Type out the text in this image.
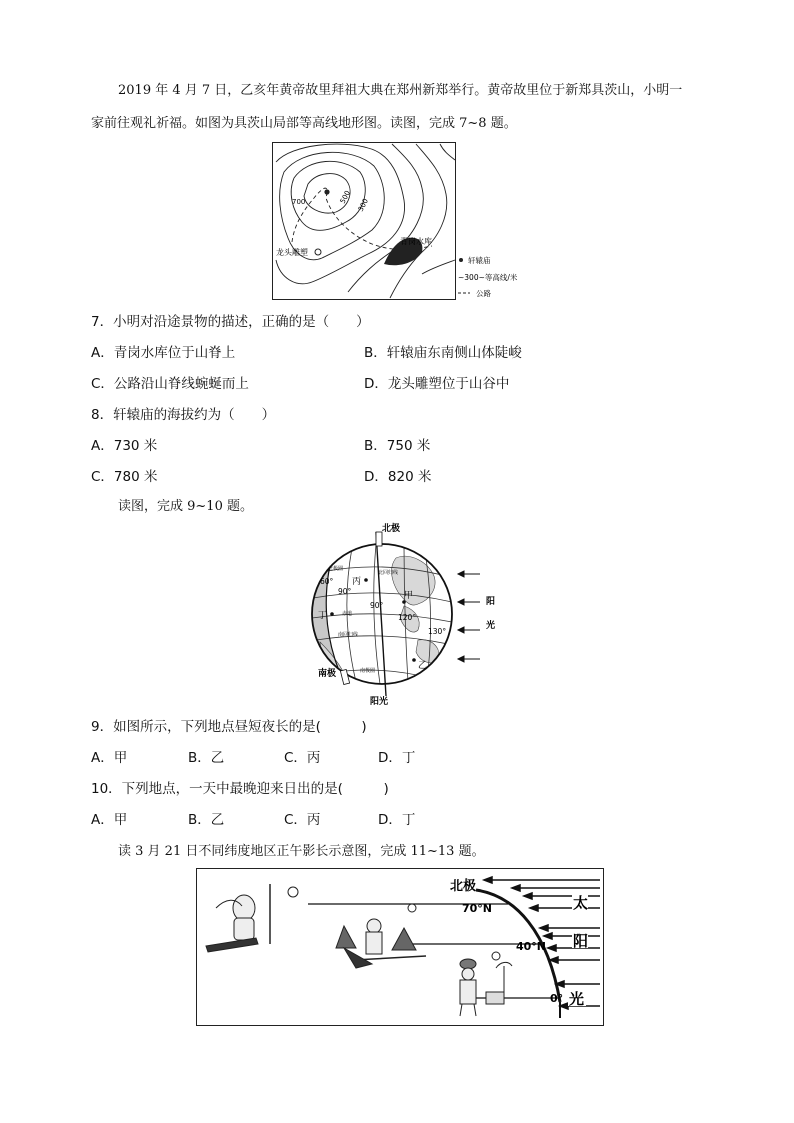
2019 年 4 月 7 日，乙亥年黄帝故里拜祖大典在郑州新郑举行。黄帝故里位于新郑具茨山，小明一
家前往观礼祈福。如图为具茨山局部等高线地形图。读图，完成 7~8 题。
700	500
300
青岗水库
龙头雕塑
轩辕庙
~300~等高线/米
公路
7．小明对沿途景物的描述，正确的是（　　）
A．青岗水库位于山脊上	B．轩辕庙东南侧山体陡峻
C．公路沿山脊线蜿蜒而上	D．龙头雕塑位于山谷中
8．轩辕庙的海拔约为（　　）
A．730 米	B．750 米
C．780 米	D．820 米
读图，完成 9~10 题。
北极
南极
阳光
丙
甲
乙
丁
北回归线
赤道
南回归线
北极圈
南极圈
60°
90°
90°
120°
130°
阳
光
9．如图所示，下列地点昼短夜长的是(　　　)
A．甲	B．乙	C．丙	D．丁
10．下列地点，一天中最晚迎来日出的是(　　　)
A．甲	B．乙	C．丙	D．丁
读 3 月 21 日不同纬度地区正午影长示意图，完成 11~13 题。
太
阳
光
北极
70°N
40°N
0°
